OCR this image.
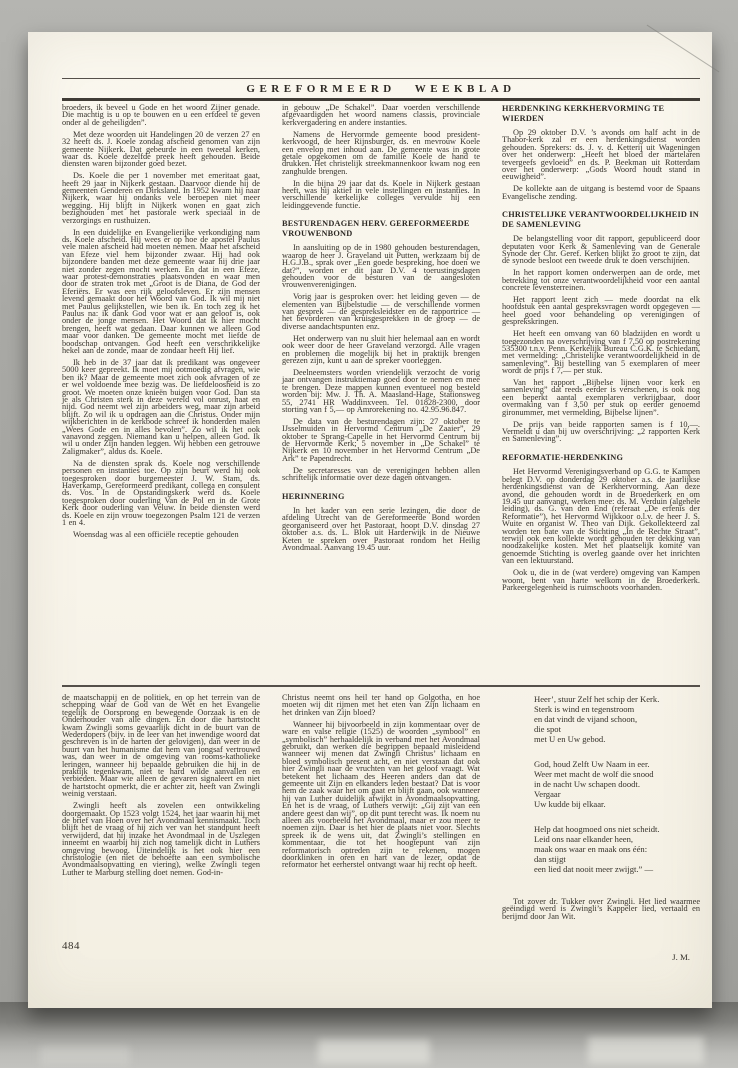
GEREFORMEERD WEEKBLAD

broeders, ik beveel u Gode en het woord Zijner genade. Die machtig is u op te bouwen en u een erfdeel te geven onder al de geheiligden”.

Met deze woorden uit Handelingen 20 de verzen 27 en 32 heeft ds. J. Koele zondag afscheid genomen van zijn gemeente Nijkerk. Dat gebeurde in een tweetal kerken, waar ds. Koele dezelfde preek heeft gehouden. Beide diensten waren bijzonder goed bezet.

Ds. Koele die per 1 november met emeritaat gaat, heeft 29 jaar in Nijkerk gestaan. Daarvoor diende hij de gemeenten Genderen en Dirksland. In 1952 kwam hij naar Nijkerk, waar hij ondanks vele beroepen niet meer wegging. Hij blijft in Nijkerk wonen en gaat zich bezighouden met het pastorale werk speciaal in de verzorgings en rusthuizen.

In een duidelijke en Evangelierijke verkondiging nam ds. Koele afscheid. Hij wees er op hoe de apostel Paulus vele malen afscheid had moeten nemen. Maar het afscheid van Efeze viel hem bijzonder zwaar. Hij had ook bijzondere banden met deze gemeente waar hij drie jaar niet zonder zegen mocht werken. En dat in een Efeze, waar protest-demonstraties plaatsvonden en waar men door de straten trok met „Groot is de Diana, de God der Eferiërs. Er was een rijk geloofsleven. Er zijn mensen levend gemaakt door het Woord van God. Ik wil mij niet met Paulus gelijkstellen, wie ben ik. En toch zeg ik het Paulus na: ik dank God voor wat er aan geloof is, ook onder de jonge mensen. Het Woord dat ik hier mocht brengen, heeft wat gedaan. Daar kunnen we alleen God maar voor danken. De gemeente mocht met liefde de boodschap ontvangen. God heeft een verschrikkelijke hekel aan de zonde, maar de zondaar heeft Hij lief.

Ik heb in de 37 jaar dat ik predikant was ongeveer 5000 keer gepreekt. Ik moet mij ootmoedig afvragen, wie ben ik? Maar de gemeente moet zich ook afvragen of ze er wel voldoende mee bezig was. De liefdeloosheid is zo groot. We moeten onze knieën buigen voor God. Dan sta je als Christen sterk in deze wereld vol onrust, haat en nijd. God neemt wel zijn arbeiders weg, maar zijn arbeid blijft. Zo wil ik u opdragen aan die Christus. Onder mijn wijkberichten in de kerkbode schreef ik honderden malen „Wees Gode en in alles bevolen”. Zo wil ik het ook vanavond zeggen. Niemand kan u helpen, alleen God. Ik wil u onder Zijn handen leggen. Wij hebben een getrouwe Zaligmaker”, aldus ds. Koele.

Na de diensten sprak ds. Koele nog verschillende personen en instanties toe. Op zijn beurt werd hij ook toegesproken door burgemeester J. W. Stam, ds. Haverkamp, Gereformeerd predikant, collega en consulent ds. Vos. In de Opstandingskerk werd ds. Koele toegesproken door ouderling Van de Pol en in de Grote Kerk door ouderling van Veluw. In beide diensten werd ds. Koele en zijn vrouw toegezongen Psalm 121 de verzen 1 en 4.

Woensdag was al een officiële receptie gehouden

in gebouw „De Schakel”. Daar voerden verschillende afgevaardigden het woord namens classis, provinciale kerkvergadering en andere instanties.

Namens de Hervormde gemeente bood president-kerkvoogd, de heer Rijnsburger, ds. en mevrouw Koele een envelop met inhoud aan. De gemeente was in grote getale opgekomen om de familie Koele de hand te drukken. Het christelijk streekmannenkoor kwam nog een zanghulde brengen.

In die bijna 29 jaar dat ds. Koele in Nijkerk gestaan heeft, was hij aktief in vele instellingen en instanties. In verschillende kerkelijke colleges vervulde hij een leidinggevende functie.

BESTURENDAGEN HERV. GEREFORMEERDE VROUWENBOND

In aansluiting op de in 1980 gehouden besturendagen, waarop de heer J. Graveland uit Putten, werkzaam bij de H.G.J.B., sprak over „Een goede bespreking, hoe doen we dat?”, worden er dit jaar D.V. 4 toerustingsdagen gehouden voor de besturen van de aangesloten vrouwenverenigingen.

Vorig jaar is gesproken over: het leiding geven — de elementen van Bijbelstudie — de verschillende vormen van gesprek — de gespreksleidster en de rapportrice — het bevorderen van kruisgesprekken in de groep — de diverse aandachtspunten enz.

Het onderwerp van nu sluit hier helemaal aan en wordt ook weer door de heer Graveland verzorgd. Alle vragen en problemen die mogelijk bij het in praktijk brengen gerezen zijn, kunt u aan de spreker voorleggen.

Deelneemsters worden vriendelijk verzocht de vorig jaar ontvangen instruktiemap goed door te nemen en mee te brengen. Deze mappen kunnen eventueel nog besteld worden bij: Mw. J. Th. A. Maasland-Hage, Stationsweg 55, 2741 HR Waddinxveen. Tel. 01828-2300, door storting van f 5,— op Amrorekening no. 42.95.96.847.

De data van de besturendagen zijn: 27 oktober te IJsselmuiden in Hervormd Centrum „De Zaaier”, 29 oktober te Sprang-Capelle in het Hervormd Centrum bij de Hervormde Kerk; 5 november in „De Schakel” te Nijkerk en 10 november in het Hervormd Centrum „De Ark” te Papendrecht.

De secretaresses van de verenigingen hebben allen schriftelijk informatie over deze dagen ontvangen.

HERINNERING

In het kader van een serie lezingen, die door de afdeling Utrecht van de Gereformeerde Bond worden georganiseerd over het Pastoraat, hoopt D.V. dinsdag 27 oktober a.s. ds. L. Blok uit Harderwijk in de Nieuwe Keten te spreken over Pastoraat rondom het Heilig Avondmaal. Aanvang 19.45 uur.

HERDENKING KERKHERVORMING TE WIERDEN

Op 29 oktober D.V. ’s avonds om half acht in de Thabor-kerk zal er een herdenkingsdienst worden gehouden. Sprekers: ds. J. v. d. Ketterij uit Wageningen over het onderwerp: „Heeft het bloed der martelaren tevergeefs gevloeid” en ds. P. Beekman uit Rotterdam over het onderwerp: „Gods Woord houdt stand in eeuwigheid”.

De kollekte aan de uitgang is bestemd voor de Spaans Evangelische zending.

CHRISTELIJKE VERANTWOORDELIJKHEID IN DE SAMENLEVING

De belangstelling voor dit rapport, gepubliceerd door deputaten voor Kerk & Samenleving van de Generale Synode der Chr. Geref. Kerken blijkt zo groot te zijn, dat de synode besloot een tweede druk te doen verschijnen.

In het rapport komen onderwerpen aan de orde, met betrekking tot onze verantwoordelijkheid voor een aantal concrete levensterreinen.

Het rapport leent zich — mede doordat na elk hoofdstuk een aantal gespreksvragen wordt opgegeven — heel goed voor behandeling op verenigingen of gesprekskringen.

Het heeft een omvang van 60 bladzijden en wordt u toegezonden na overschrijving van f 7,50 op postrekening 535300 t.n.v. Penn. Kerkelijk Bureau C.G.K. te Schiedam, met vermelding: „Christelijke verantwoordelijkheid in de samenleving”. Bij bestelling van 5 exemplaren of meer wordt de prijs f 7,— per stuk.

Van het rapport „Bijbelse lijnen voor kerk en samenleving” dat reeds eerder is verschenen, is ook nog een beperkt aantal exemplaren verkrijgbaar, door overmaking van f 3,50 per stuk op eerder genoemd gironummer, met vermelding, Bijbelse lijnen”.

De prijs van beide rapporten samen is f 10,—. Vermeldt u dan bij uw overschrijving: „2 rapporten Kerk en Samenleving”.

REFORMATIE-HERDENKING

Het Hervormd Verenigingsverband op G.G. te Kampen belegt D.V. op donderdag 29 oktober a.s. de jaarlijkse herdenkingsdienst van de Kerkhervorming. Aan deze avond, die gehouden wordt in de Broederkerk en om 19.45 uur aanvangt, werken mee: ds. M. Verduin (algehele leiding), ds. G. van den End (referaat „De erfenis der Reformatie”), het Hervormd Wijkkoor o.l.v. de heer J. S. Wuite en organist W. Theo van Dijk. Gekollekteerd zal worden ten bate van de Stichting „In de Rechte Straat”, terwijl ook een kollekte wordt gehouden ter dekking van noodzakelijke kosten. Met het plaatselijk komité van genoemde Stichting is overleg gaande over het inrichten van een lektuurstand.

Ook u, die in de (wat verdere) omgeving van Kampen woont, bent van harte welkom in de Broederkerk. Parkeergelegenheid is ruimschoots voorhanden.

de maatschappij en de politiek, en op het terrein van de schepping waar de God van de Wet en het Evangelie tegelijk de Oorsprong en bewegende Oorzaak is en de Onderhouder van alle dingen. En door die hartstocht kwam Zwingli soms gevaarlijk dicht in de buurt van de Wederdopers (bijv. in de leer van het inwendige woord dat geschreven is in de harten der gelovigen), dan weer in de buurt van het humanisme dat hem van jongsaf vertrouwd was, dan weer in de omgeving van rooms-katholieke leringen, wanneer hij bepaalde gebruiken die hij in de praktijk tegenkwam, niet te hard wilde aanvallen en verbieden. Maar wie alleen de gevaren signaleert en niet de hartstocht opmerkt, die er achter zit, heeft van Zwingli weinig verstaan.

Zwingli heeft als zovelen een ontwikkeling doorgemaakt. Op 1523 volgt 1524, het jaar waarin hij met de brief van Hoen over het Avondmaal kennismaakt. Toch blijft het de vraag of hij zich ver van het standpunt heeft verwijderd, dat hij inzake het Avondmaal in de Uszlegen inneemt en waarbij hij zich nog tamelijk dicht in Luthers omgeving bewoog. Uiteindelijk is het ook hier een christologie (en niet de behoefte aan een symbolische Avondmaalsopvatting en viering), welke Zwingli tegen Luther te Marburg stelling doet nemen. God-in-

Christus neemt ons heil ter hand op Golgotha, en hoe moeten wij dit rijmen met het eten van Zijn lichaam en het drinken van Zijn bloed?

Wanneer hij bijvoorbeeld in zijn kommentaar over de ware en valse religie (1525) de woorden „symbool” en „symbolisch” herhaaldelijk in verband met het Avondmaal gebruikt, dan werken die begrippen bepaald misleidend wanneer wij menen dat Zwingli Christus’ lichaam en bloed symbolisch present acht, en niet verstaan dat ook hier Zwingli naar de vruchten van het geloof vraagt. Wat betekent het lichaam des Heeren anders dan dat de gemeente uit Zijn en elkanders leden bestaat? Dat is voor hem de zaak waar het om gaat en blijft gaan, ook wanneer hij van Luther duidelijk afwijkt in Avondmaalsopvatting. En het is de vraag, of Luthers verwijt: „Gij zijt van een andere geest dan wij”, op dit punt terecht was. Ik noem nu alleen als voorbeeld het Avondmaal, maar er zou meer te noemen zijn. Daar is het hier de plaats niet voor. Slechts spreek ik de wens uit, dat Zwingli’s stellingen en kommentaar, die tot het hoogtepunt van zijn reformatorisch optreden zijn te rekenen, mogen doorklinken in oren en hart van de lezer, opdat de reformator het eerherstel ontvangt waar hij recht op heeft.

Heer’, stuur Zelf het schip der Kerk.
Sterk is wind en tegenstroom
en dat vindt de vijand schoon,
die spot
met U en Uw gebod.
God, houd Zelft Uw Naam in eer.
Weer met macht de wolf die snood
in de nacht Uw schapen doodt.
Vergaar
Uw kudde bij elkaar.
Help dat hoogmoed ons niet scheidt.
Leid ons naar elkander heen,
maak ons waar en maak ons één:
dan stijgt
een lied dat nooit meer zwijgt.” —

Tot zover dr. Tukker over Zwingli. Het lied waarmee geëindigd werd is Zwingli’s Kappeler lied, vertaald en berijmd door Jan Wit.

J. M.
484
